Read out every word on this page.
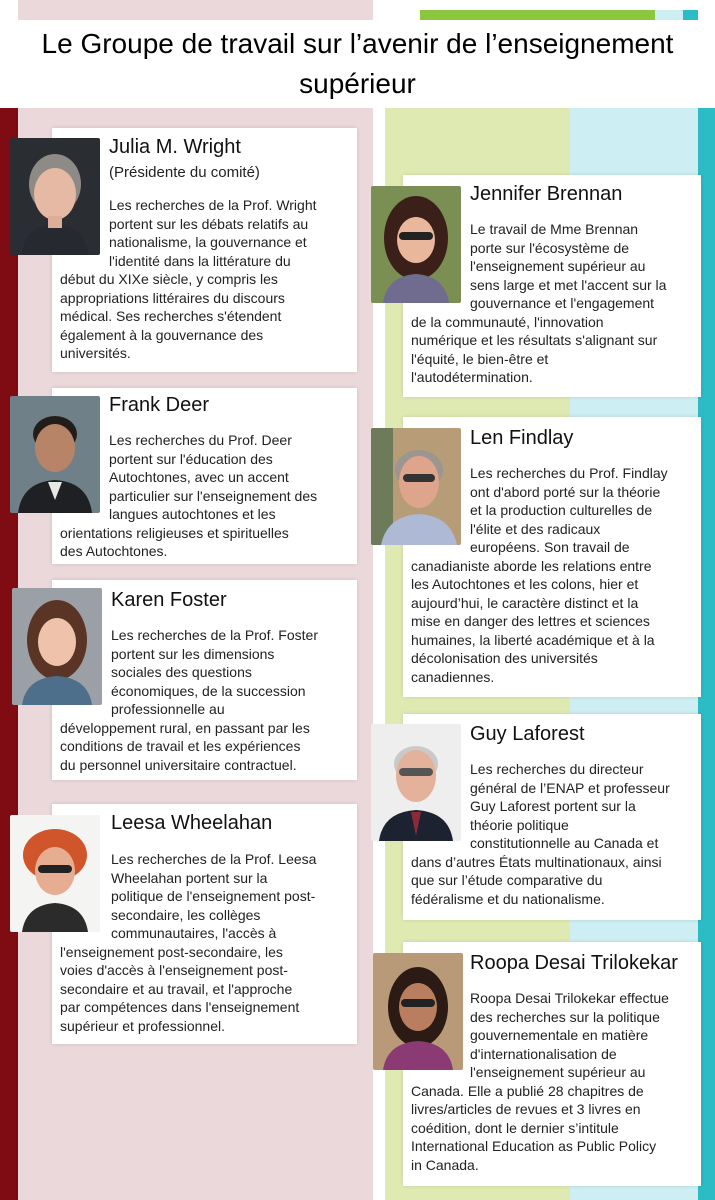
Le Groupe de travail sur l’avenir de l’enseignement
supérieur
Julia M. Wright
(Présidente du comité)
Les recherches de la Prof. Wright
portent sur les débats relatifs au
nationalisme, la gouvernance et
l'identité dans la littérature du
début du XIXe siècle, y compris les
appropriations littéraires du discours
médical. Ses recherches s'étendent
également à la gouvernance des
universités.
Frank Deer
Les recherches du Prof. Deer
portent sur l'éducation des
Autochtones, avec un accent
particulier sur l'enseignement des
langues autochtones et les
orientations religieuses et spirituelles
des Autochtones.
Karen Foster
Les recherches de la Prof. Foster
portent sur les dimensions
sociales des questions
économiques, de la succession
professionnelle au
développement rural, en passant par les
conditions de travail et les expériences
du personnel universitaire contractuel.
Leesa Wheelahan
Les recherches de la Prof. Leesa
Wheelahan portent sur la
politique de l'enseignement post-
secondaire, les collèges
communautaires, l'accès à
l'enseignement post-secondaire, les
voies d'accès à l'enseignement post-
secondaire et au travail, et l'approche
par compétences dans l'enseignement
supérieur et professionnel.
Jennifer Brennan
Le travail de Mme Brennan
porte sur l'écosystème de
l'enseignement supérieur au
sens large et met l'accent sur la
gouvernance et l'engagement
de la communauté, l'innovation
numérique et les résultats s'alignant sur
l'équité, le bien-être et
l'autodétermination.
Len Findlay
Les recherches du Prof. Findlay
ont d'abord porté sur la théorie
et la production culturelles de
l'élite et des radicaux
européens. Son travail de
canadianiste aborde les relations entre
les Autochtones et les colons, hier et
aujourd’hui, le caractère distinct et la
mise en danger des lettres et sciences
humaines, la liberté académique et à la
décolonisation des universités
canadiennes.
Guy Laforest
Les recherches du directeur
général de l’ENAP et professeur
Guy Laforest portent sur la
théorie politique
constitutionnelle au Canada et
dans d’autres États multinationaux, ainsi
que sur l’étude comparative du
fédéralisme et du nationalisme.
Roopa Desai Trilokekar
Roopa Desai Trilokekar effectue
des recherches sur la politique
gouvernementale en matière
d'internationalisation de
l'enseignement supérieur au
Canada. Elle a publié 28 chapitres de
livres/articles de revues et 3 livres en
coédition, dont le dernier s’intitule
International Education as Public Policy
in Canada.
